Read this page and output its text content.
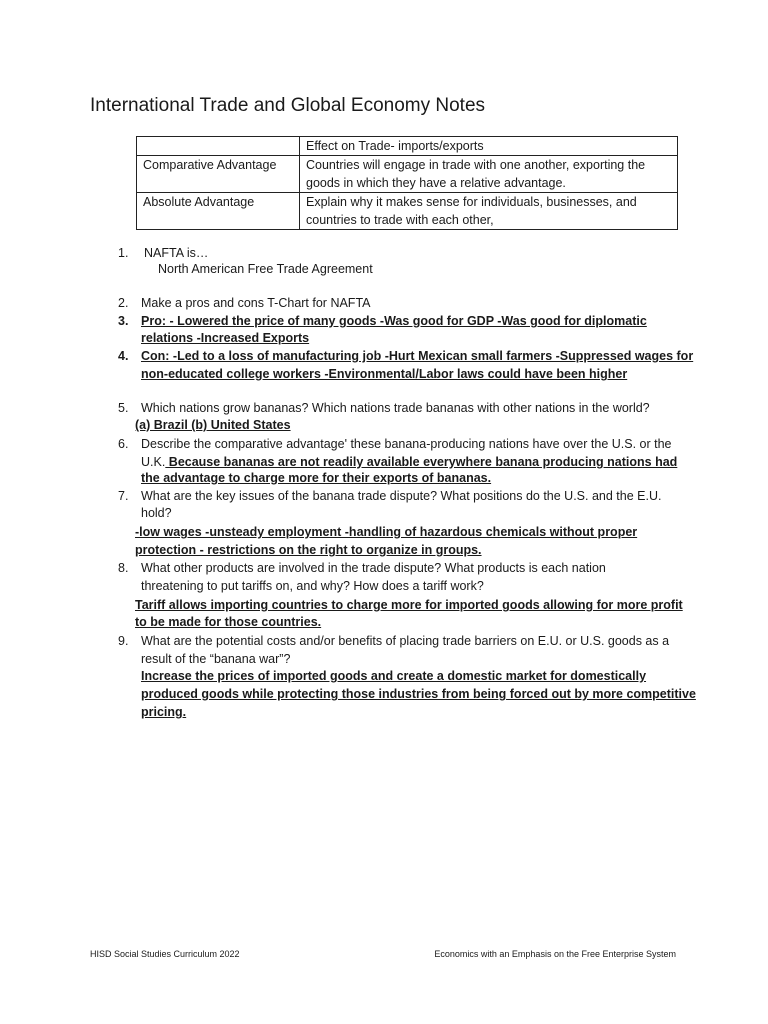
International Trade and Global Economy Notes
	Effect on Trade- imports/exports
Comparative Advantage	Countries will engage in trade with one another, exporting the
goods in which they have a relative advantage.

Absolute Advantage	Explain why it makes sense for individuals, businesses, and
countries to trade with each other,
1. NAFTA is…
North American Free Trade Agreement
2. Make a pros and cons T-Chart for NAFTA
3. Pro: - Lowered the price of many goods -Was good for GDP -Was good for diplomatic
relations -Increased Exports
4. Con: -Led to a loss of manufacturing job -Hurt Mexican small farmers -Suppressed wages for
non-educated college workers -Environmental/Labor laws could have been higher
5. Which nations grow bananas? Which nations trade bananas with other nations in the world?
(a) Brazil (b) United States
6. Describe the comparative advantage' these banana-producing nations have over the U.S. or the
U.K. Because bananas are not readily available everywhere banana producing nations had
the advantage to charge more for their exports of bananas.
7. What are the key issues of the banana trade dispute? What positions do the U.S. and the E.U.
hold?
-low wages -unsteady employment -handling of hazardous chemicals without proper
protection - restrictions on the right to organize in groups.
8. What other products are involved in the trade dispute? What products is each nation
threatening to put tariffs on, and why? How does a tariff work?
Tariff allows importing countries to charge more for imported goods allowing for more profit
to be made for those countries.
9. What are the potential costs and/or benefits of placing trade barriers on E.U. or U.S. goods as a
result of the “banana war”?
Increase the prices of imported goods and create a domestic market for domestically
produced goods while protecting those industries from being forced out by more competitive
pricing.
HISD Social Studies Curriculum 2022	Economics with an Emphasis on the Free Enterprise System
